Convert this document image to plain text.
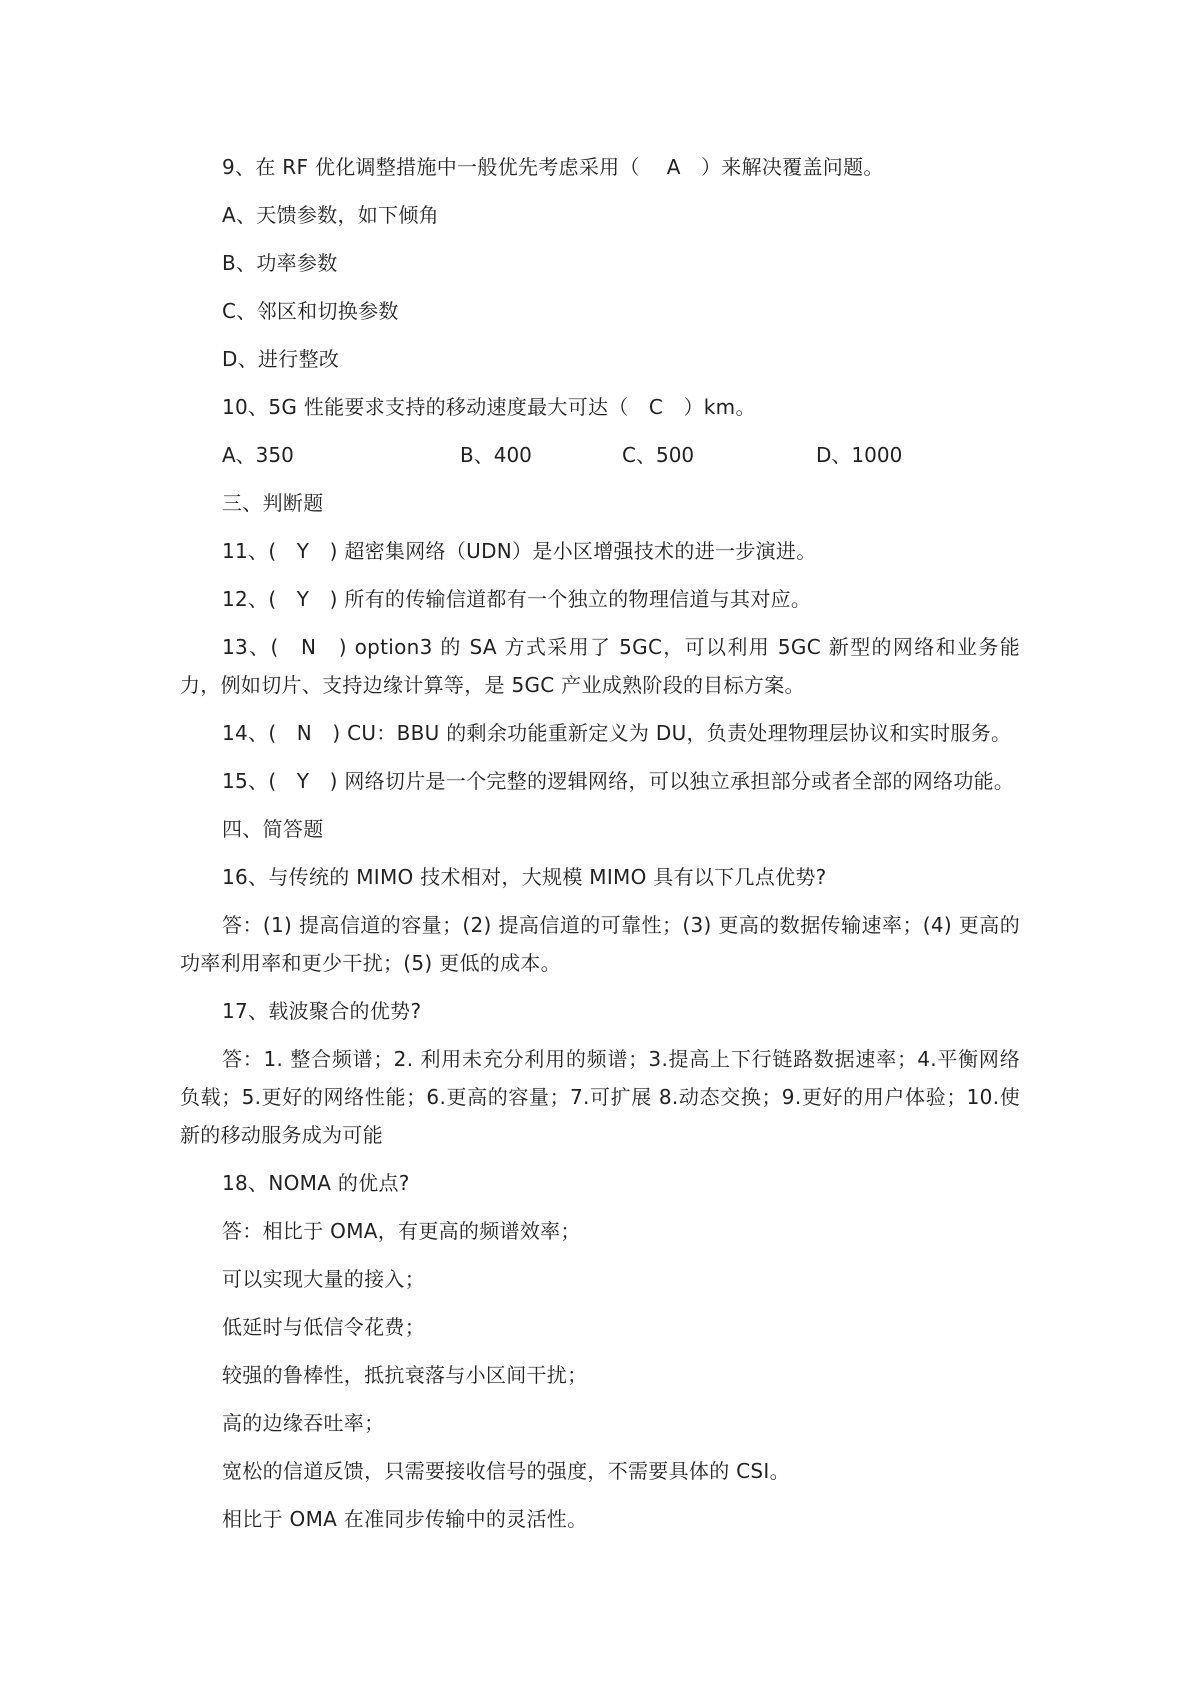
9、在 RF 优化调整措施中一般优先考虑采用（　 A　）来解决覆盖问题。
A、天馈参数，如下倾角
B、功率参数
C、邻区和切换参数
D、进行整改
10、5G 性能要求支持的移动速度最大可达（　C　）km。
A、350	B、400	C、500	D、1000
三、判断题
11、(　Y　) 超密集网络（UDN）是小区增强技术的进一步演进。
12、(　Y　) 所有的传输信道都有一个独立的物理信道与其对应。
13、(　N　) option3 的 SA 方式采用了 5GC，可以利用 5GC 新型的网络和业务能力，例如切片、支持边缘计算等，是 5GC 产业成熟阶段的目标方案。
14、(　N　) CU：BBU 的剩余功能重新定义为 DU，负责处理物理层协议和实时服务。
15、(　Y　) 网络切片是一个完整的逻辑网络，可以独立承担部分或者全部的网络功能。
四、简答题
16、与传统的 MIMO 技术相对，大规模 MIMO 具有以下几点优势?
答：(1) 提高信道的容量；(2) 提高信道的可靠性；(3) 更高的数据传输速率；(4) 更高的功率利用率和更少干扰；(5) 更低的成本。
17、载波聚合的优势?
答：1. 整合频谱；2. 利用未充分利用的频谱；3.提高上下行链路数据速率；4.平衡网络负载；5.更好的网络性能；6.更高的容量；7.可扩展 8.动态交换；9.更好的用户体验；10.使新的移动服务成为可能
18、NOMA 的优点?
答：相比于 OMA，有更高的频谱效率；
可以实现大量的接入；
低延时与低信令花费；
较强的鲁棒性，抵抗衰落与小区间干扰；
高的边缘吞吐率；
宽松的信道反馈，只需要接收信号的强度，不需要具体的 CSI。
相比于 OMA 在准同步传输中的灵活性。
